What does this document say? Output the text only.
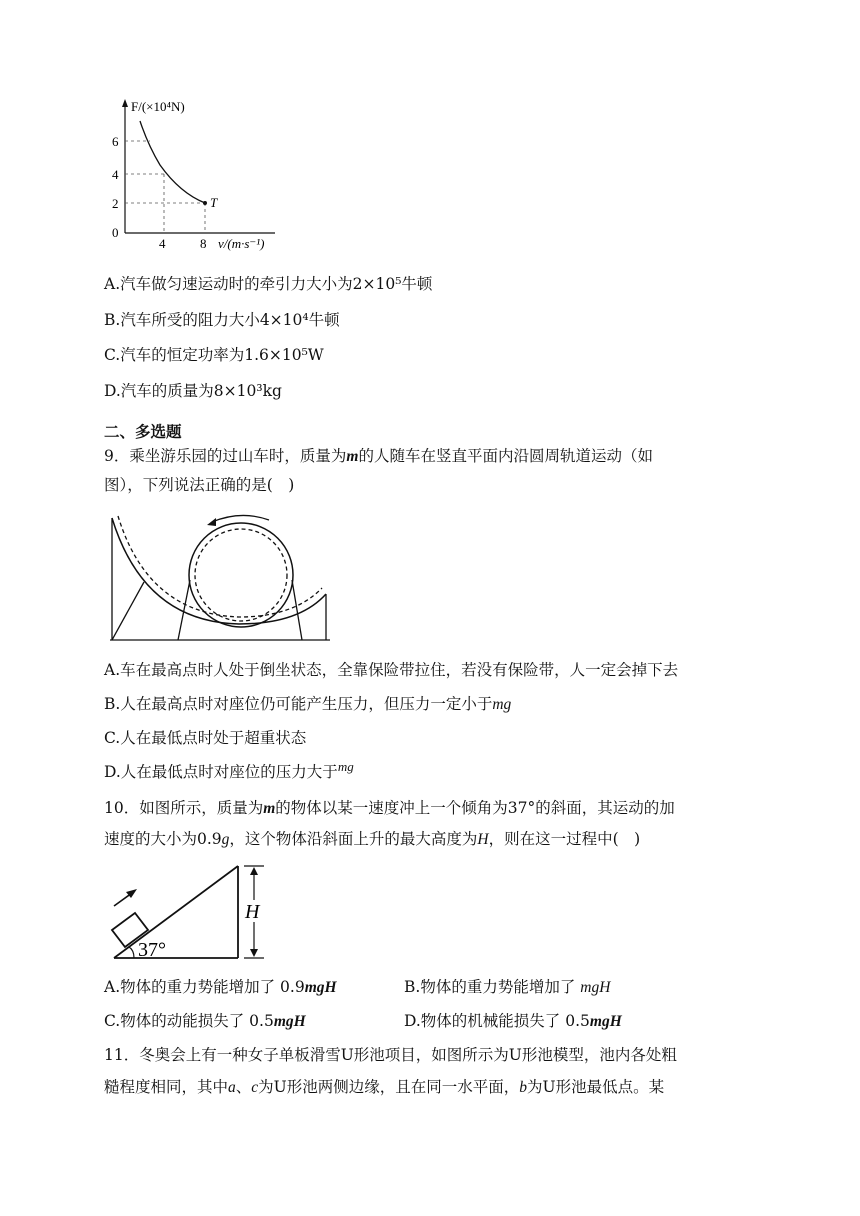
F/(×10⁴N)
6
4
2
0
4	8 v/(m·s⁻¹)
T
A.汽车做匀速运动时的牵引力大小为2×10⁵牛顿
B.汽车所受的阻力大小4×10⁴牛顿
C.汽车的恒定功率为1.6×10⁵W
D.汽车的质量为8×10³kg
二、多选题
9．乘坐游乐园的过山车时，质量为m的人随车在竖直平面内沿圆周轨道运动（如
图），下列说法正确的是(　)
A.车在最高点时人处于倒坐状态，全靠保险带拉住，若没有保险带，人一定会掉下去
B.人在最高点时对座位仍可能产生压力，但压力一定小于mg
C.人在最低点时处于超重状态
D.人在最低点时对座位的压力大于$^{mg}$
10．如图所示，质量为m的物体以某一速度冲上一个倾角为37°的斜面，其运动的加
速度的大小为0.9g，这个物体沿斜面上升的最大高度为H，则在这一过程中(　)
37°
H
A.物体的重力势能增加了 0.9mgH	B.物体的重力势能增加了 mgH
C.物体的动能损失了 0.5mgH	D.物体的机械能损失了 0.5mgH
11．冬奥会上有一种女子单板滑雪U形池项目，如图所示为U形池模型，池内各处粗
糙程度相同，其中a、c为U形池两侧边缘，且在同一水平面，b为U形池最低点。某
